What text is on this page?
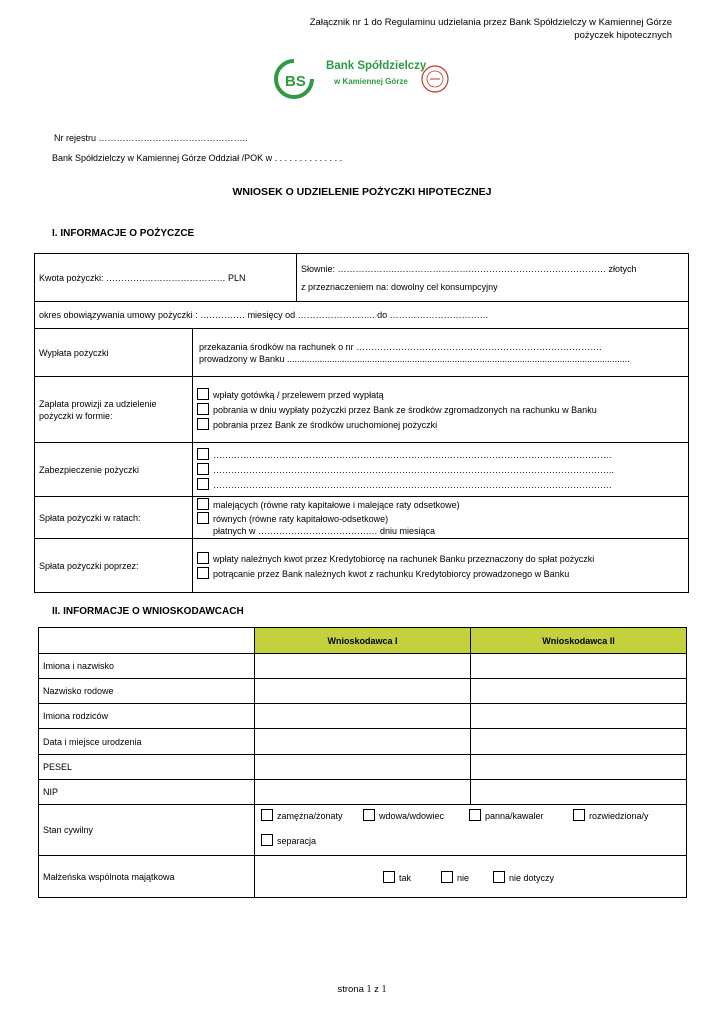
Załącznik nr 1 do Regulaminu udzielania przez Bank Spółdzielczy w Kamiennej Górze
pożyczek hipotecznych
BS
Bank Spółdzielczy
w Kamiennej Górze
Nr rejestru …………………………………………..
Bank Spółdzielczy w Kamiennej Górze Oddział /POK w . . . . . . . . . . . . . .
WNIOSEK O UDZIELENIE POŻYCZKI HIPOTECZNEJ
I. INFORMACJE O POŻYCZCE
Kwota pożyczki: ………….……………………… PLN		Słownie: ………………..…………………….……………………………………… złotych
z przeznaczeniem na: dowolny cel konsumpcyjny

okres obowiązywania umowy pożyczki : …………… miesięcy od …………………….. do ……………………………		
Wypłata pożyczki	przekazania środków na rachunek o nr ……………………………………………………………………….
prowadzony w Banku .........................................................................................................................................	

Zapłata prowizji za udzielenie pożyczki w formie:	wpłaty gotówką / przelewem przed wypłatą
pobrania w dniu wypłaty pożyczki przez Bank ze środków zgromadzonych na rachunku w Banku
pobrania przez Bank ze środków uruchomionej pożyczki	

Zabezpieczenie pożyczki	…………………………………………………………………………………………………………………….
……………………………………………………………………………………………………………………..
…………………………………………………………………………………………………………………….	

Spłata pożyczki w ratach:	malejących (równe raty kapitałowe i malejące raty odsetkowe)
równych (równe raty kapitałowo-odsetkowe)
płatnych w ……………………………….… dniu miesiąca	

Spłata pożyczki poprzez:	wpłaty należnych kwot przez Kredytobiorcę na rachunek Banku przeznaczony do spłat pożyczki
potrącanie przez Bank należnych kwot z rachunku Kredytobiorcy prowadzonego w Banku	
II. INFORMACJE O WNIOSKODAWCACH
	Wnioskodawca I	Wnioskodawca II
Imiona i nazwisko		
Nazwisko rodowe		
Imiona rodziców		
Data i miejsce urodzenia		
PESEL		
NIP		
Stan cywilny	zamężna/żonaty wdowa/wdowiec panna/kawaler rozwiedziona/y
separacja	

Małżeńska wspólnota majątkowa	tak nie nie dotyczy	
strona 1 z 1
